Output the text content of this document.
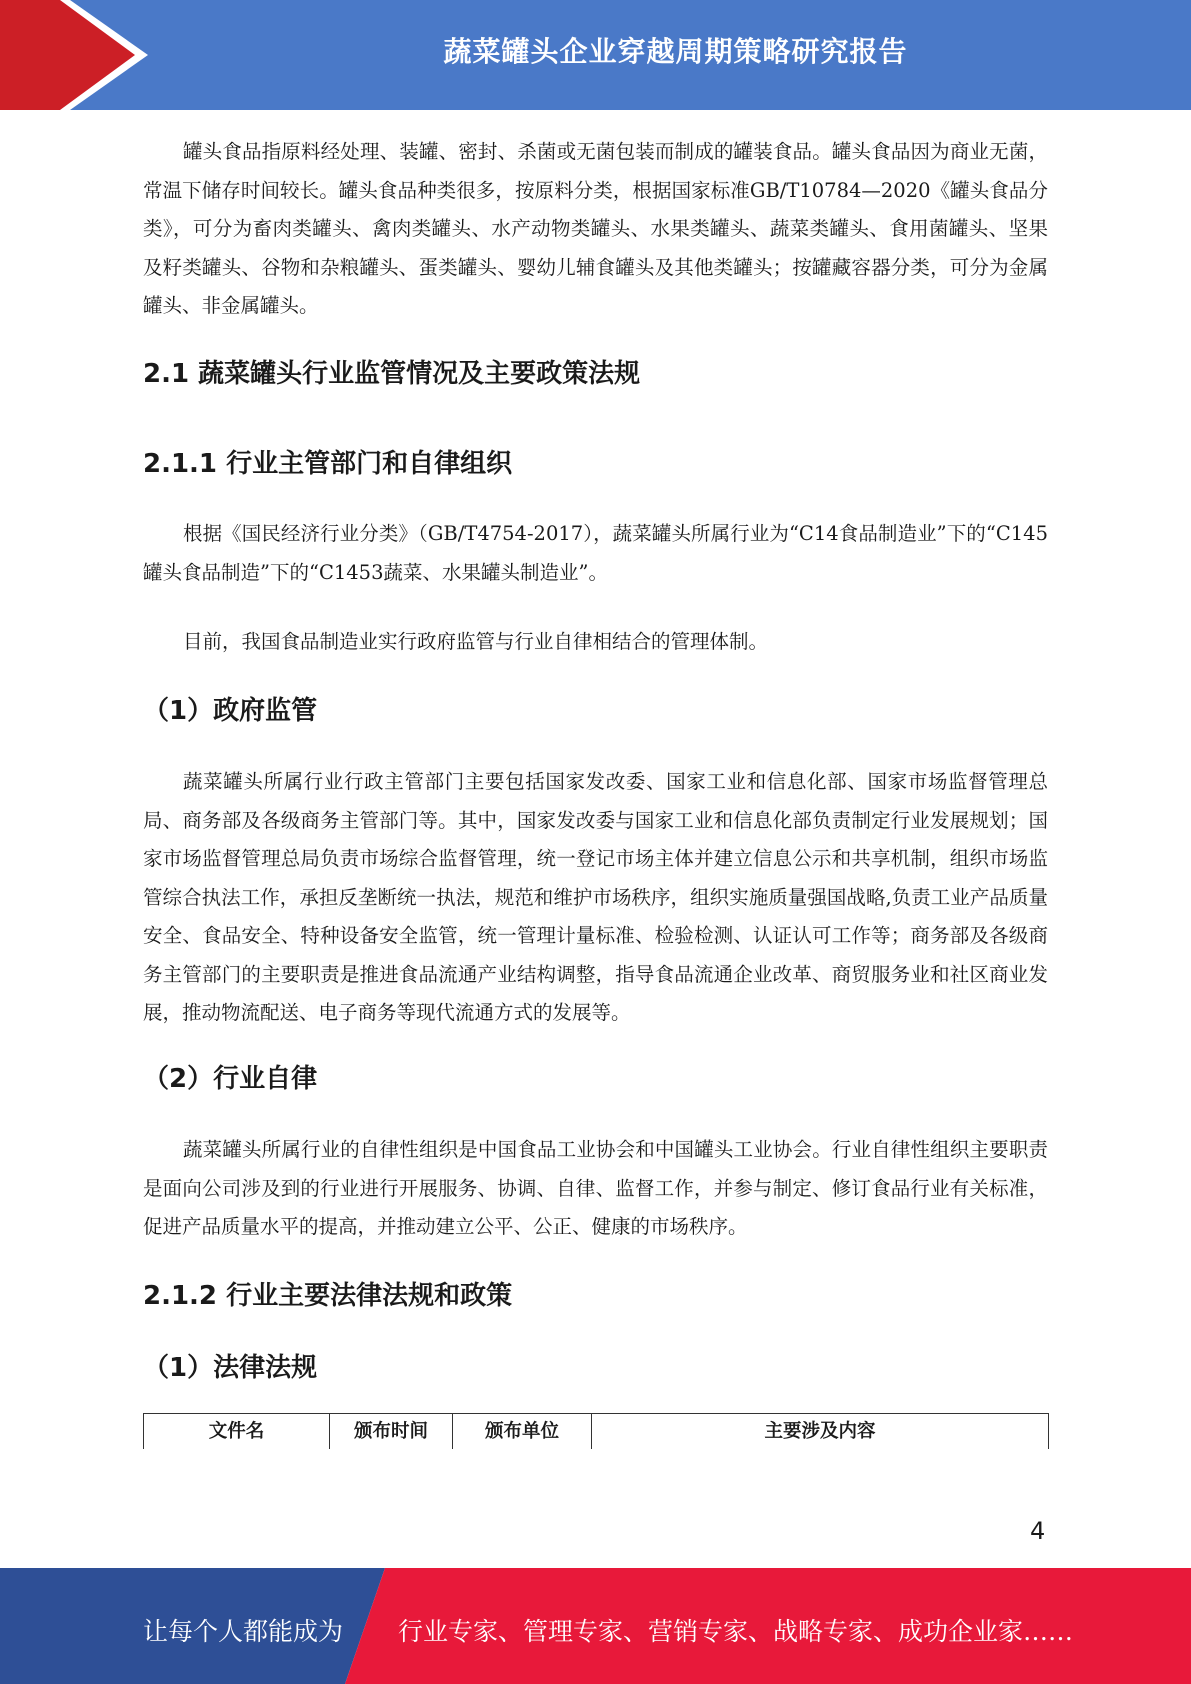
蔬菜罐头企业穿越周期策略研究报告

罐头食品指原料经处理、装罐、密封、杀菌或无菌包装而制成的罐装食品。罐头食品因为商业无菌，常温下储存时间较长。罐头食品种类很多，按原料分类，根据国家标准GB/T10784—2020《罐头食品分类》，可分为畜肉类罐头、禽肉类罐头、水产动物类罐头、水果类罐头、蔬菜类罐头、食用菌罐头、坚果及籽类罐头、谷物和杂粮罐头、蛋类罐头、婴幼儿辅食罐头及其他类罐头；按罐藏容器分类，可分为金属罐头、非金属罐头。

2.1 蔬菜罐头行业监管情况及主要政策法规
2.1.1 行业主管部门和自律组织

根据《国民经济行业分类》（GB/T4754-2017），蔬菜罐头所属行业为“C14食品制造业”下的“C145罐头食品制造”下的“C1453蔬菜、水果罐头制造业”。

目前，我国食品制造业实行政府监管与行业自律相结合的管理体制。

（1）政府监管

蔬菜罐头所属行业行政主管部门主要包括国家发改委、国家工业和信息化部、国家市场监督管理总局、商务部及各级商务主管部门等。其中，国家发改委与国家工业和信息化部负责制定行业发展规划；国家市场监督管理总局负责市场综合监督管理，统一登记市场主体并建立信息公示和共享机制，组织市场监管综合执法工作，承担反垄断统一执法，规范和维护市场秩序，组织实施质量强国战略,负责工业产品质量安全、食品安全、特种设备安全监管，统一管理计量标准、检验检测、认证认可工作等；商务部及各级商务主管部门的主要职责是推进食品流通产业结构调整，指导食品流通企业改革、商贸服务业和社区商业发展，推动物流配送、电子商务等现代流通方式的发展等。

（2）行业自律

蔬菜罐头所属行业的自律性组织是中国食品工业协会和中国罐头工业协会。行业自律性组织主要职责是面向公司涉及到的行业进行开展服务、协调、自律、监督工作，并参与制定、修订食品行业有关标准，促进产品质量水平的提高，并推动建立公平、公正、健康的市场秩序。

2.1.2 行业主要法律法规和政策
（1）法律法规
文件名	颁布时间	颁布单位	主要涉及内容
4
让每个人都能成为 行业专家、管理专家、营销专家、战略专家、成功企业家……
